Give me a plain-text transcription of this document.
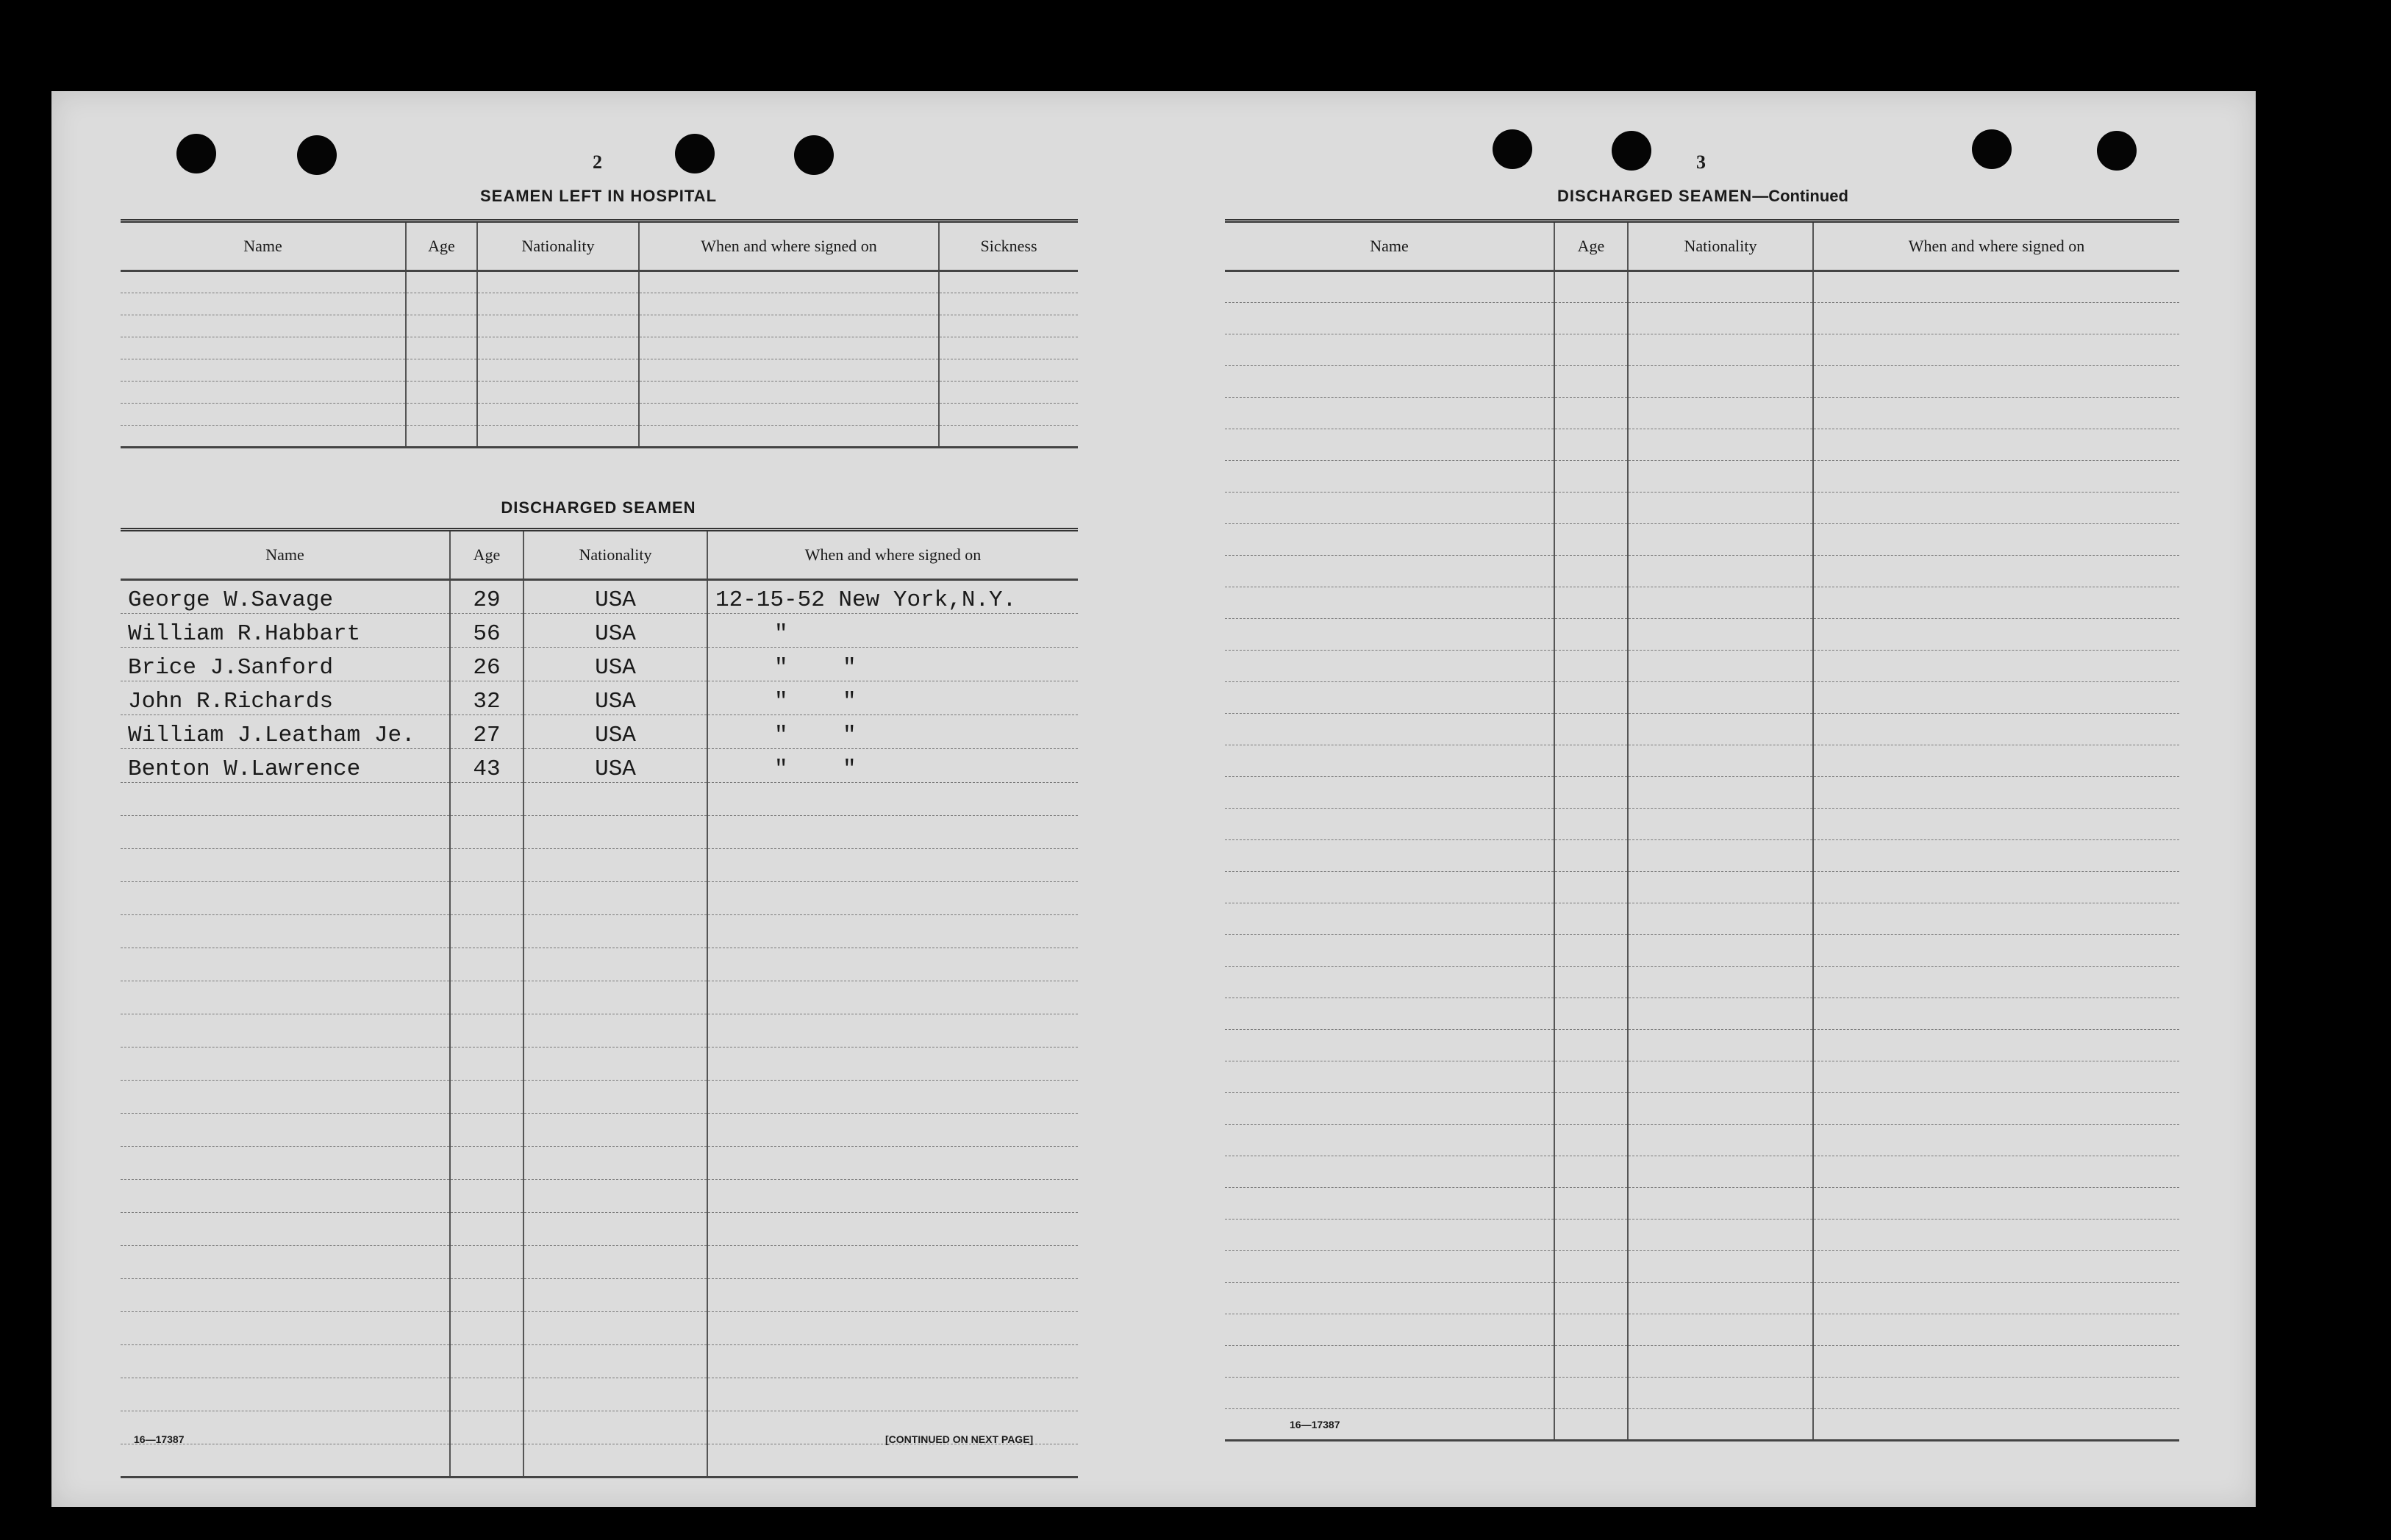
2
SEAMEN LEFT IN HOSPITAL
Name	Age	Nationality	When and where signed on	Sickness

DISCHARGED SEAMEN
Name	Age	Nationality	When and where signed on
George W.Savage	29	USA	12-15-52 New York,N.Y.
William R.Habbart	56	USA	"
Brice J.Sanford	26	USA	"    "
John R.Richards	32	USA	"    "
William J.Leatham Je.	27	USA	"    "
Benton W.Lawrence	43	USA	"    "

16—17387	[CONTINUED ON NEXT PAGE]
3
DISCHARGED SEAMEN—Continued
Name	Age	Nationality	When and where signed on

16—17387
